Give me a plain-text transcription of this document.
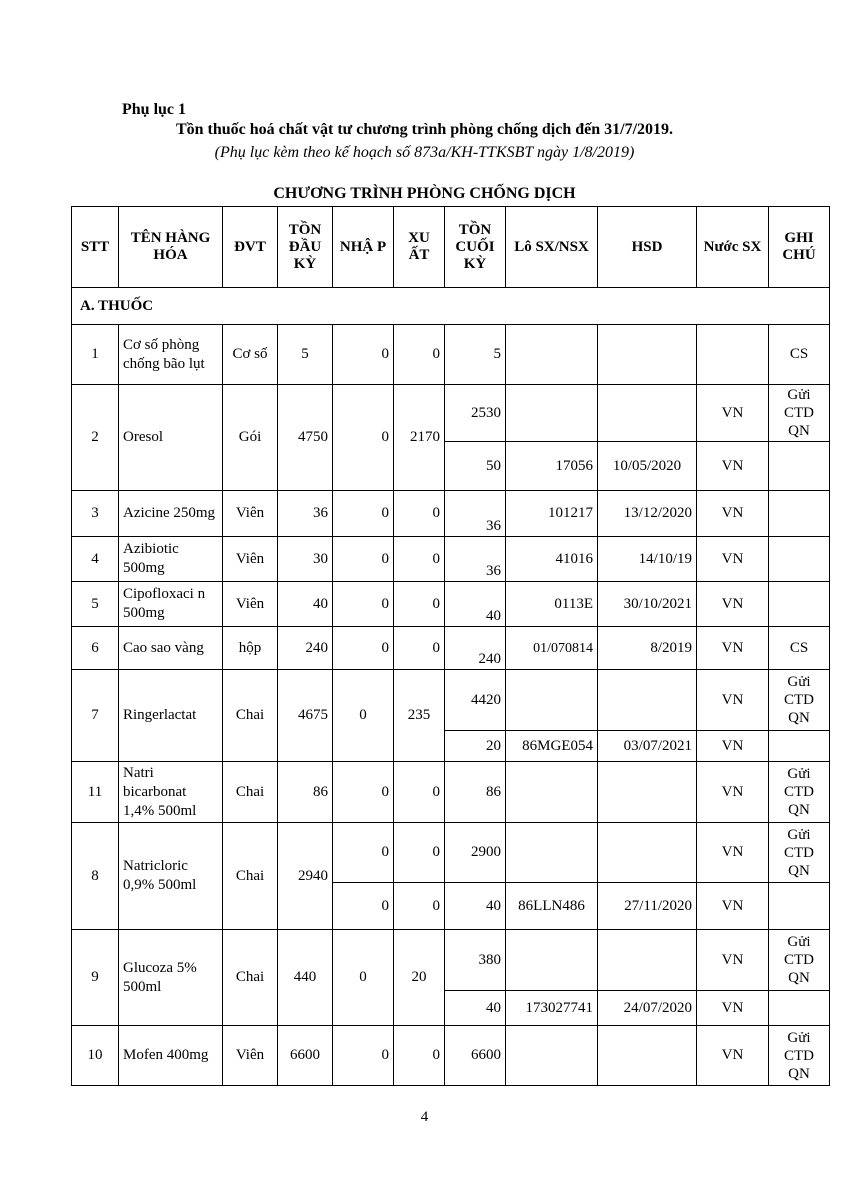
Phụ lục 1
Tồn thuốc hoá chất vật tư chương trình phòng chống dịch đến 31/7/2019.
(Phụ lục kèm theo kế hoạch số 873a/KH-TTKSBT ngày 1/8/2019)
CHƯƠNG TRÌNH PHÒNG CHỐNG DỊCH
STT	TÊN HÀNG HÓA	ĐVT	TỒN ĐẦU KỲ	NHẬ P	XU ẤT	TỒN CUỐI KỲ	Lô SX/NSX	HSD	Nước SX	GHI CHÚ
A. THUỐC										
1	Cơ số phòng chống bão lụt	Cơ số	5	0	0	5				CS
2	Oresol	Gói	4750	0	2170	2530			VN	Gửi CTD QN
						50	17056	10/05/2020	VN	
3	Azicine 250mg	Viên	36	0	0	36	101217	13/12/2020	VN	
4	Azibiotic 500mg	Viên	30	0	0	36	41016	14/10/19	VN	
5	Cipofloxaci n 500mg	Viên	40	0	0	40	0113E	30/10/2021	VN	
6	Cao sao vàng	hộp	240	0	0	240	01/070814	8/2019	VN	CS
7	Ringerlactat	Chai	4675	0	235	4420			VN	Gửi CTD QN
						20	86MGE054	03/07/2021	VN	
11	Natri bicarbonat 1,4% 500ml	Chai	86	0	0	86			VN	Gửi CTD QN
8	Natricloric 0,9% 500ml	Chai	2940	0	0	2900			VN	Gửi CTD QN
				0	0	40	86LLN486	27/11/2020	VN	
9	Glucoza 5% 500ml	Chai	440	0	20	380			VN	Gửi CTD QN
						40	173027741	24/07/2020	VN	
10	Mofen 400mg	Viên	6600	0	0	6600			VN	Gửi CTD QN
4
